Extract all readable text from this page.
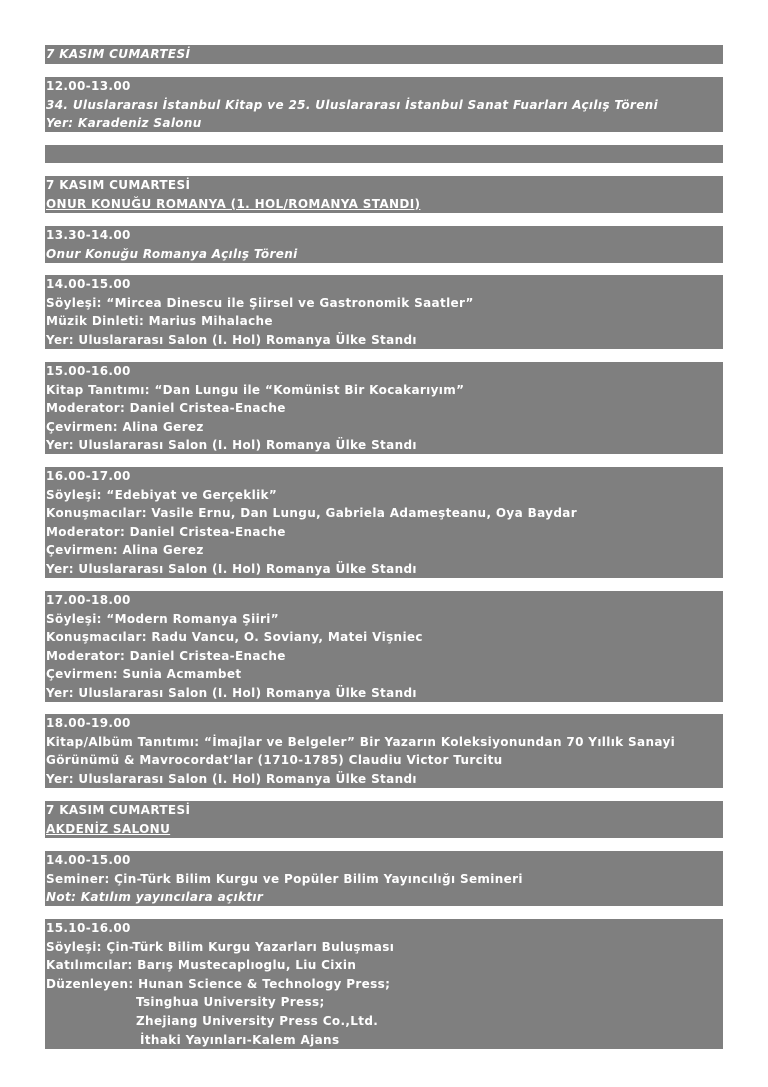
7 KASIM CUMARTESİ
12.00-13.00
34. Uluslararası İstanbul Kitap ve 25. Uluslararası İstanbul Sanat Fuarları Açılış Töreni
Yer: Karadeniz Salonu
7 KASIM CUMARTESİ
ONUR KONUĞU ROMANYA (1. HOL/ROMANYA STANDI)
13.30-14.00
Onur Konuğu Romanya Açılış Töreni
14.00-15.00
Söyleşi: “Mircea Dinescu ile Şiirsel ve Gastronomik Saatler”
Müzik Dinleti: Marius Mihalache
Yer: Uluslararası Salon (I. Hol) Romanya Ülke Standı
15.00-16.00
Kitap Tanıtımı: “Dan Lungu ile “Komünist Bir Kocakarıyım”
Moderator: Daniel Cristea-Enache
Çevirmen: Alina Gerez
Yer: Uluslararası Salon (I. Hol) Romanya Ülke Standı
16.00-17.00
Söyleşi: “Edebiyat ve Gerçeklik”
Konuşmacılar: Vasile Ernu, Dan Lungu, Gabriela Adameşteanu, Oya Baydar
Moderator: Daniel Cristea-Enache
Çevirmen: Alina Gerez
Yer: Uluslararası Salon (I. Hol) Romanya Ülke Standı
17.00-18.00
Söyleşi: “Modern Romanya Şiiri”
Konuşmacılar: Radu Vancu, O. Soviany, Matei Vişniec
Moderator: Daniel Cristea-Enache
Çevirmen: Sunia Acmambet
Yer: Uluslararası Salon (I. Hol) Romanya Ülke Standı
18.00-19.00
Kitap/Albüm Tanıtımı: “İmajlar ve Belgeler” Bir Yazarın Koleksiyonundan 70 Yıllık Sanayi
Görünümü & Mavrocordat’lar (1710-1785) Claudiu Victor Turcitu
Yer: Uluslararası Salon (I. Hol) Romanya Ülke Standı
7 KASIM CUMARTESİ
AKDENİZ SALONU
14.00-15.00
Seminer: Çin-Türk Bilim Kurgu ve Popüler Bilim Yayıncılığı Semineri
Not: Katılım yayıncılara açıktır
15.10-16.00
Söyleşi: Çin-Türk Bilim Kurgu Yazarları Buluşması
Katılımcılar: Barış Mustecaplıoglu, Liu Cixin
Düzenleyen: Hunan Science & Technology Press;
Tsinghua University Press;
Zhejiang University Press Co.,Ltd.
İthaki Yayınları-Kalem Ajans
